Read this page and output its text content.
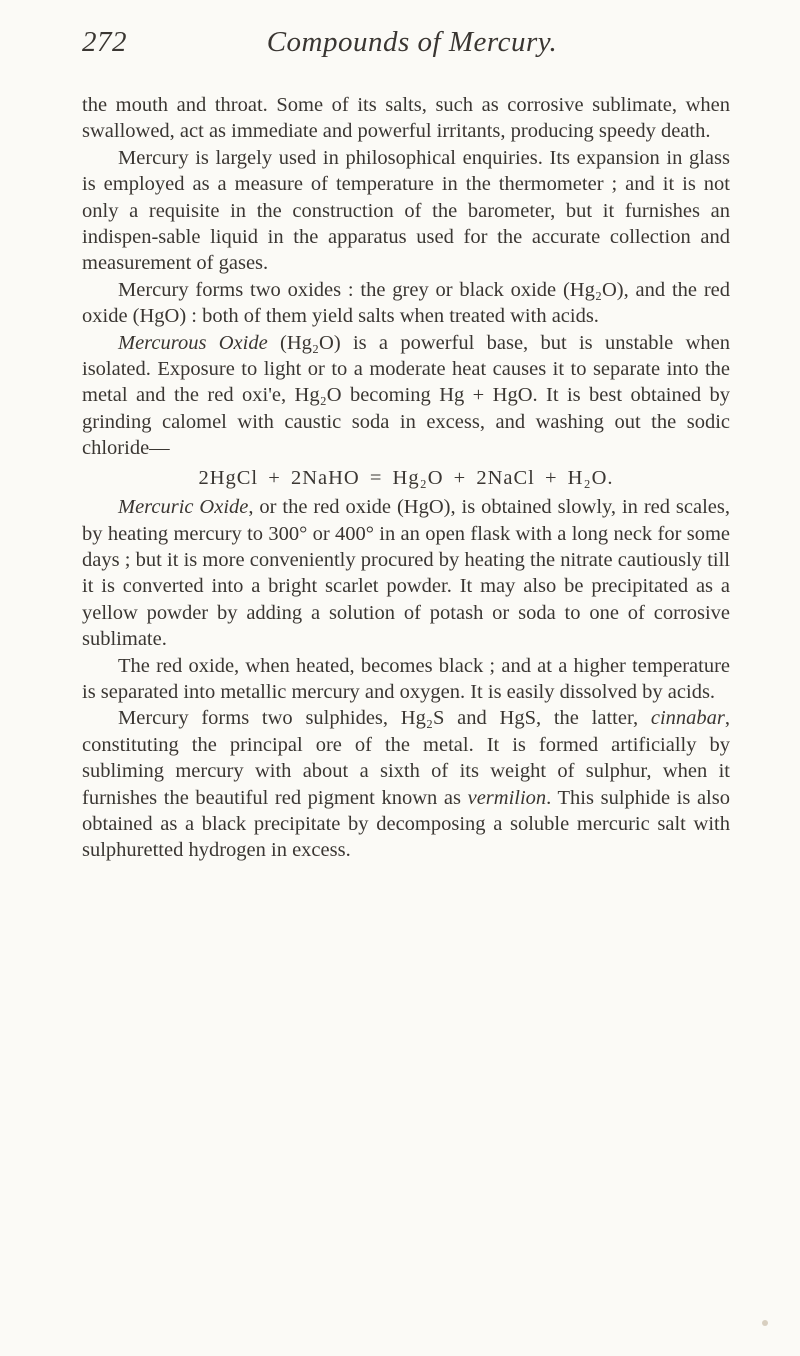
272	Compounds of Mercury.

the mouth and throat. Some of its salts, such as corrosive sublimate, when swallowed, act as immediate and powerful irritants, producing speedy death.

Mercury is largely used in philosophical enquiries. Its expansion in glass is employed as a measure of temperature in the thermometer ; and it is not only a requisite in the construction of the barometer, but it furnishes an indispen-sable liquid in the apparatus used for the accurate collection and measurement of gases.

Mercury forms two oxides : the grey or black oxide (Hg₂O), and the red oxide (HgO) : both of them yield salts when treated with acids.

Mercurous Oxide (Hg₂O) is a powerful base, but is unstable when isolated. Exposure to light or to a moderate heat causes it to separate into the metal and the red oxi'e, Hg₂O becoming Hg + HgO. It is best obtained by grinding calomel with caustic soda in excess, and washing out the sodic chloride—

2HgCl + 2NaHO = Hg₂O + 2NaCl + H₂O.

Mercuric Oxide, or the red oxide (HgO), is obtained slowly, in red scales, by heating mercury to 300° or 400° in an open flask with a long neck for some days ; but it is more conveniently procured by heating the nitrate cautiously till it is converted into a bright scarlet powder. It may also be precipitated as a yellow powder by adding a solution of potash or soda to one of corrosive sublimate.

The red oxide, when heated, becomes black ; and at a higher temperature is separated into metallic mercury and oxygen. It is easily dissolved by acids.

Mercury forms two sulphides, Hg₂S and HgS, the latter, cinnabar, constituting the principal ore of the metal. It is formed artificially by subliming mercury with about a sixth of its weight of sulphur, when it furnishes the beautiful red pigment known as vermilion. This sulphide is also obtained as a black precipitate by decomposing a soluble mercuric salt with sulphuretted hydrogen in excess.
